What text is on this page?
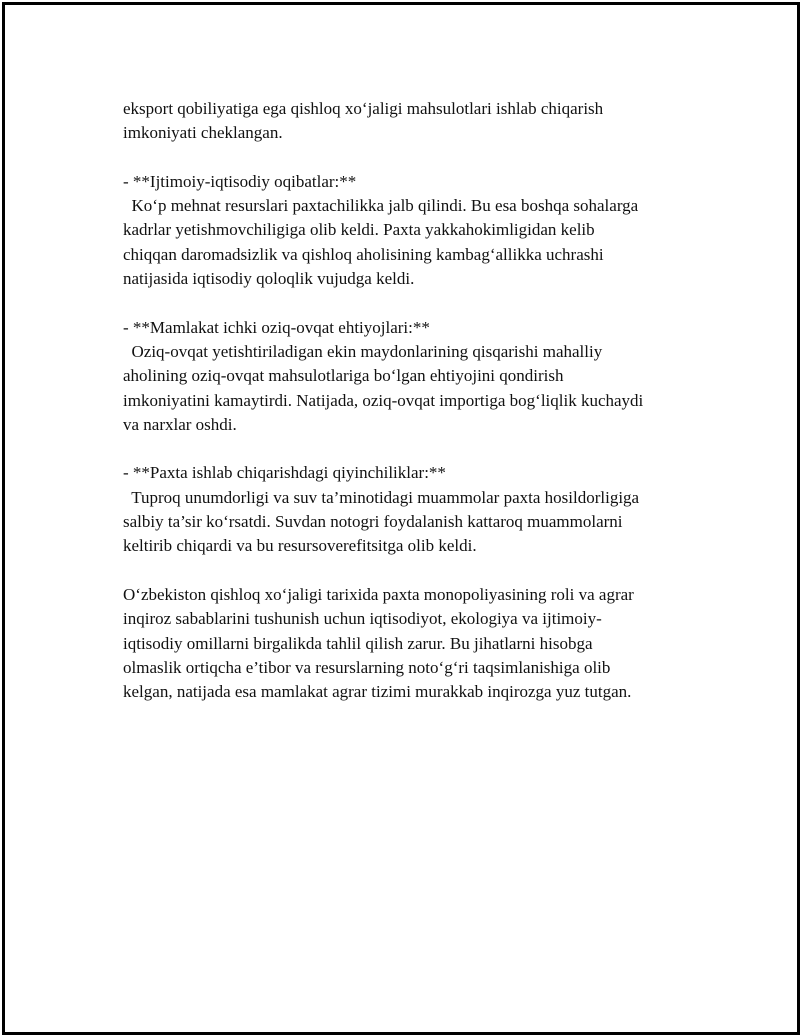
eksport qobiliyatiga ega qishloq xo‘jaligi mahsulotlari ishlab chiqarish
imkoniyati cheklangan.

- **Ijtimoiy-iqtisodiy oqibatlar:**
Ko‘p mehnat resurslari paxtachilikka jalb qilindi. Bu esa boshqa sohalarga
kadrlar yetishmovchiligiga olib keldi. Paxta yakkahokimligidan kelib
chiqqan daromadsizlik va qishloq aholisining kambag‘allikka uchrashi
natijasida iqtisodiy qoloqlik vujudga keldi.

- **Mamlakat ichki oziq-ovqat ehtiyojlari:**
Oziq-ovqat yetishtiriladigan ekin maydonlarining qisqarishi mahalliy
aholining oziq-ovqat mahsulotlariga bo‘lgan ehtiyojini qondirish
imkoniyatini kamaytirdi. Natijada, oziq-ovqat importiga bog‘liqlik kuchaydi
va narxlar oshdi.

- **Paxta ishlab chiqarishdagi qiyinchiliklar:**
Tuproq unumdorligi va suv ta’minotidagi muammolar paxta hosildorligiga
salbiy ta’sir ko‘rsatdi. Suvdan notogri foydalanish kattaroq muammolarni
keltirib chiqardi va bu resursoverefitsitga olib keldi.

O‘zbekiston qishloq xo‘jaligi tarixida paxta monopoliyasining roli va agrar
inqiroz sabablarini tushunish uchun iqtisodiyot, ekologiya va ijtimoiy-
iqtisodiy omillarni birgalikda tahlil qilish zarur. Bu jihatlarni hisobga
olmaslik ortiqcha e’tibor va resurslarning noto‘g‘ri taqsimlanishiga olib
kelgan, natijada esa mamlakat agrar tizimi murakkab inqirozga yuz tutgan.
